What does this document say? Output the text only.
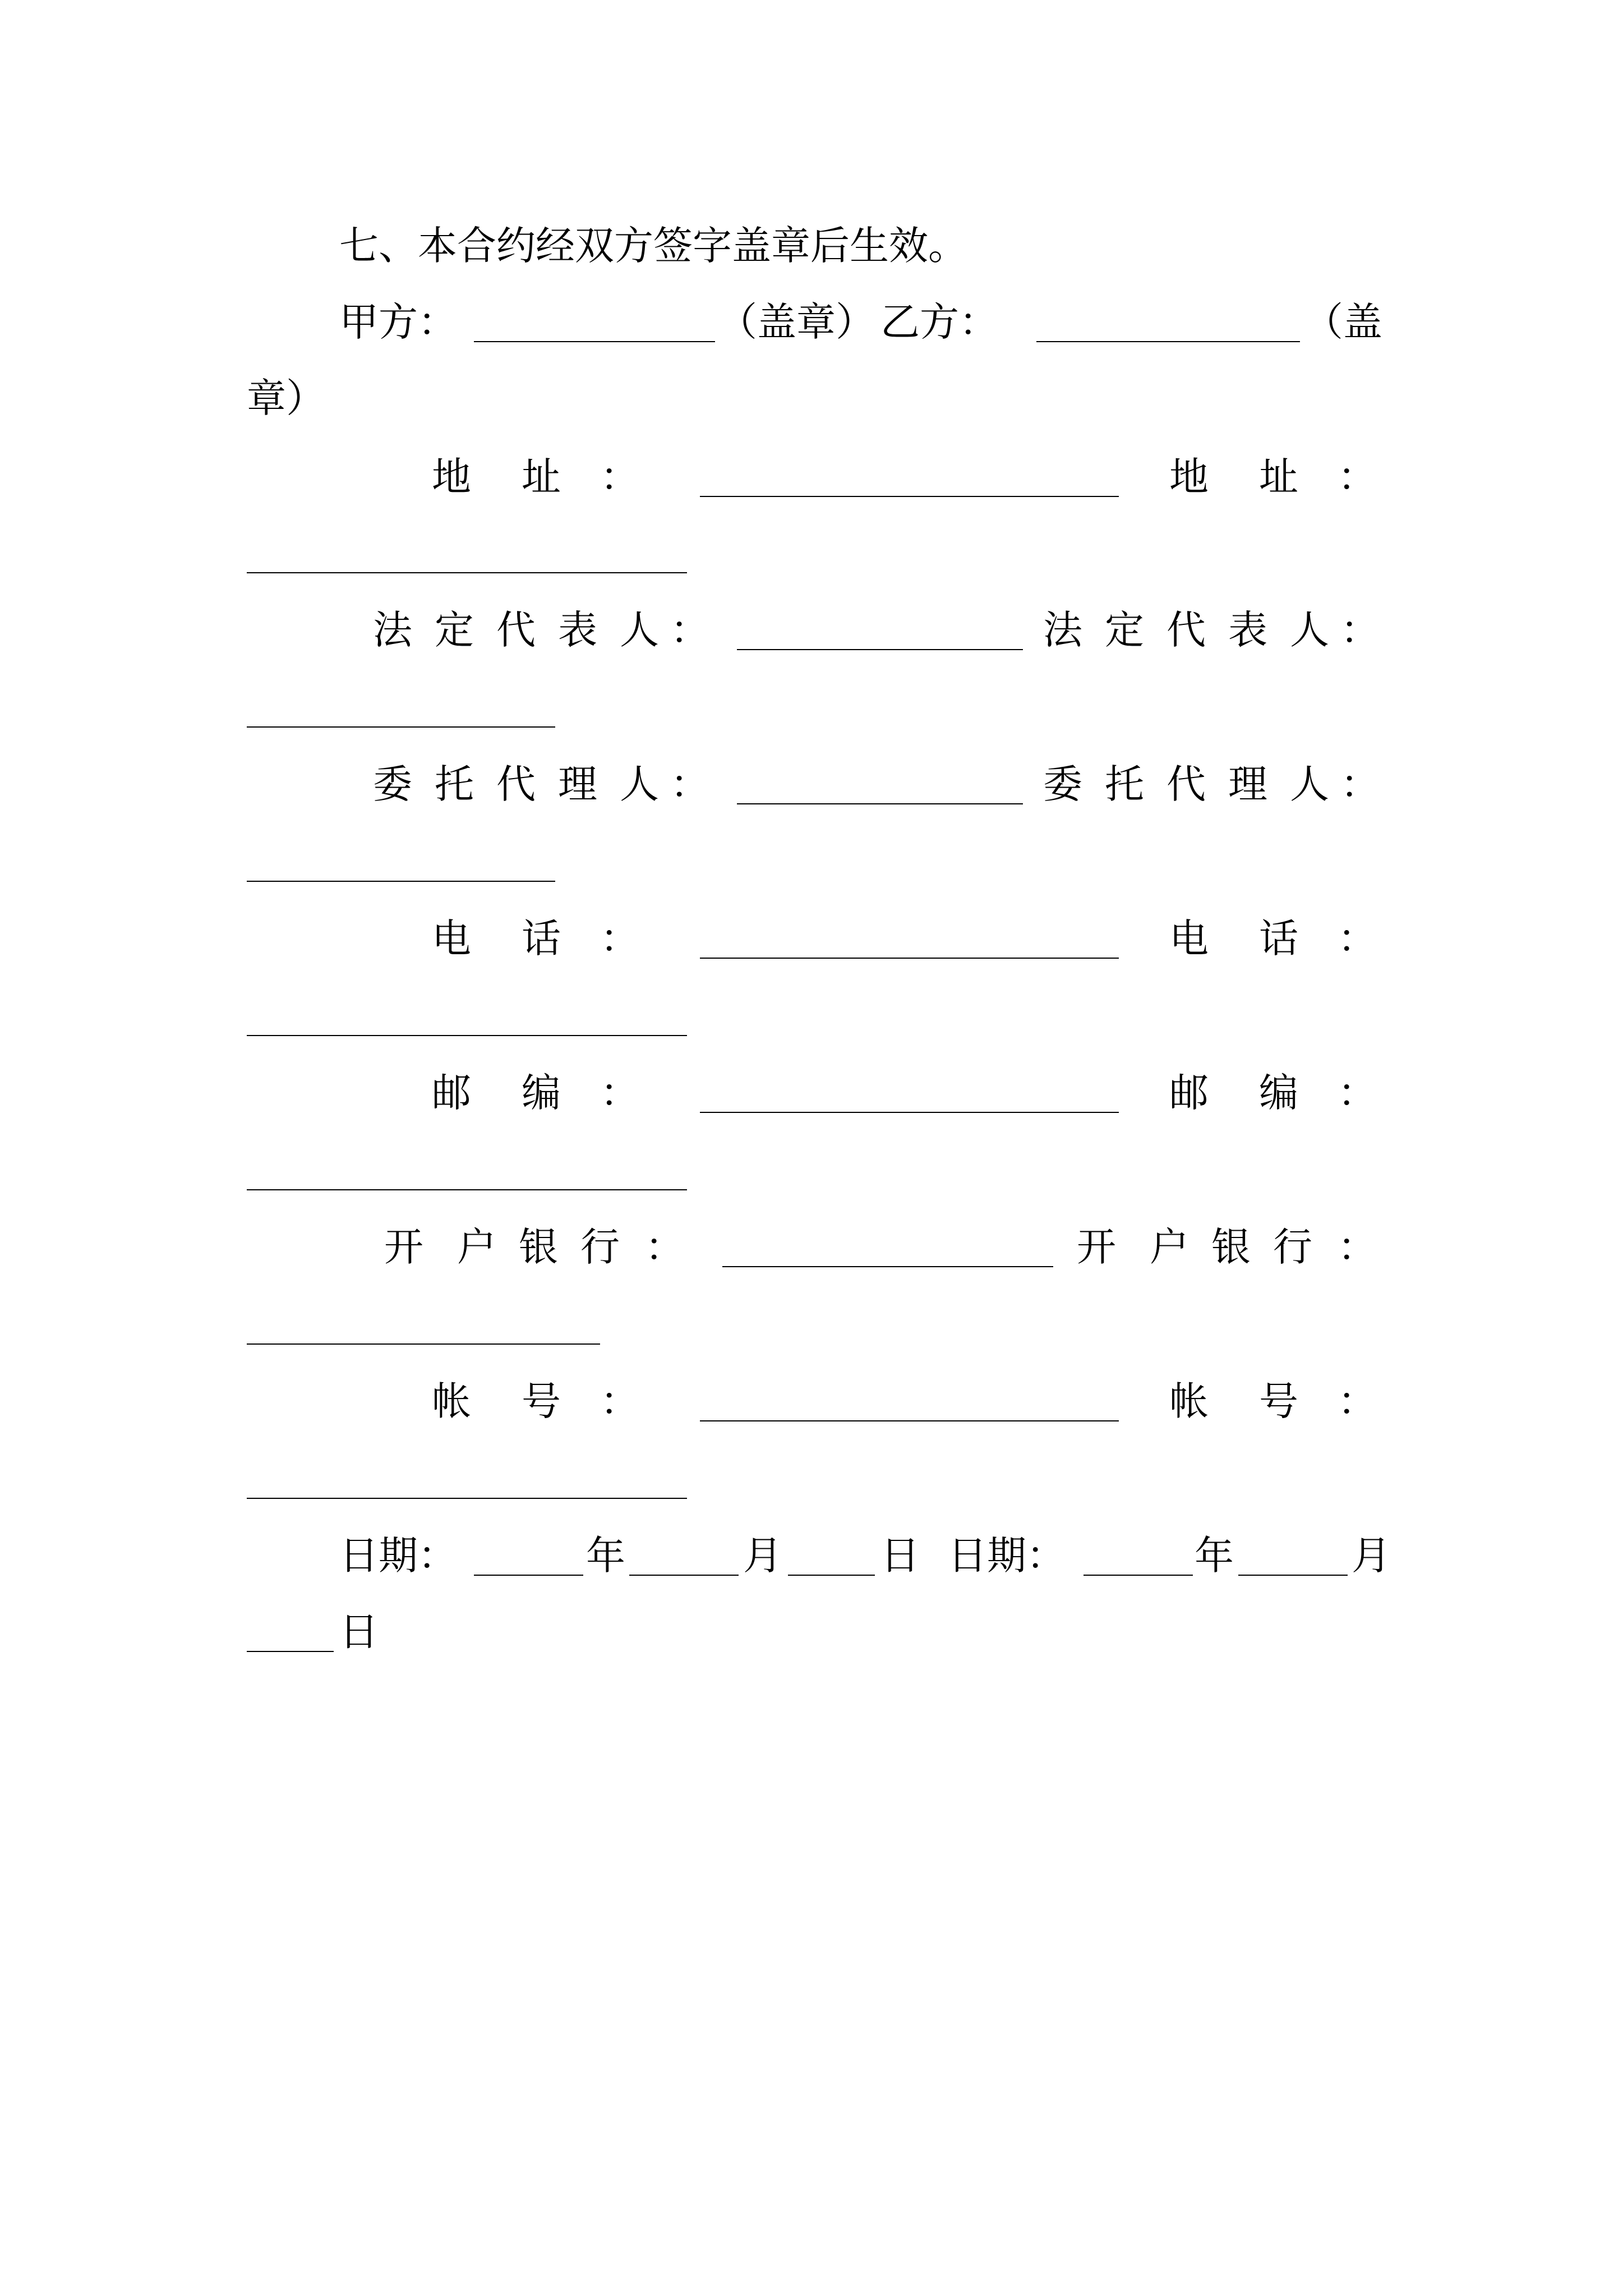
七、本合约经双方签字盖章后生效。
甲方：	（盖章） 乙方：	（盖
章）
地 址 ：	地 址 ：
法 定 代 表 人 ：	法 定 代 表 人 ：
委 托 代 理 人 ：	委 托 代 理 人 ：
电 话 ：	电 话 ：
邮 编 ：	邮 编 ：
开 户 银 行 ：	开 户 银 行 ：
帐 号 ：	帐 号 ：
日期：	年	月	日 日期：	年	月
日
